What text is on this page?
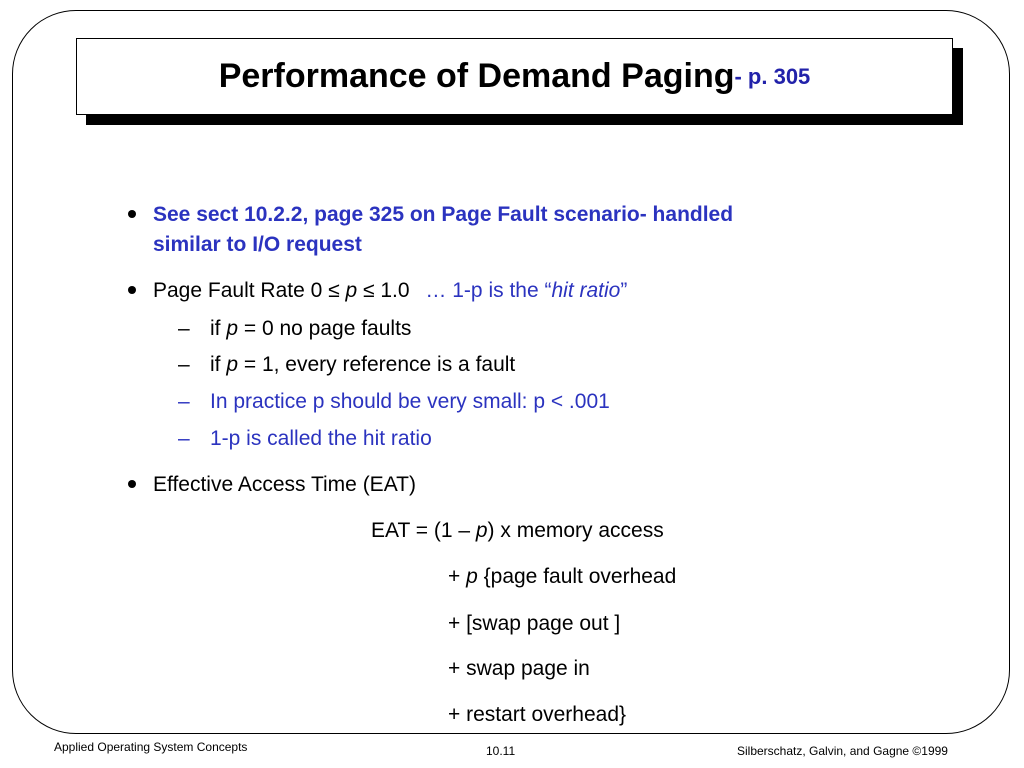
Performance of Demand Paging - p. 305
See sect 10.2.2, page 325 on Page Fault scenario- handled
similar to I/O request
Page Fault Rate 0 ≤ p ≤ 1.0 … 1-p is the “hit ratio”
– if p = 0 no page faults
– if p = 1, every reference is a fault
– In practice p should be very small: p < .001
– 1-p is called the hit ratio
Effective Access Time (EAT)
EAT = (1 – p) x memory access
+ p {page fault overhead
+ [swap page out ]
+ swap page in
+ restart overhead}
Applied Operating System Concepts	10.11	Silberschatz, Galvin, and Gagne ©1999
